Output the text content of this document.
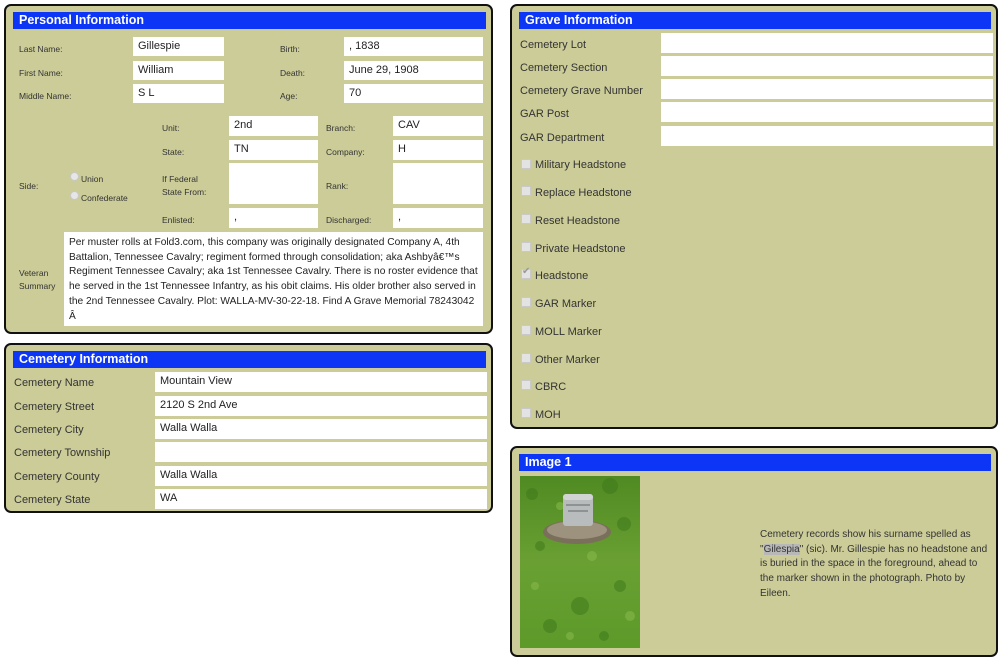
Personal Information
Last Name:	Gillespie
First Name:	William
Middle Name:	S L
Birth:	, 1838
Death:	June 29, 1908
Age:	70
Unit:	2nd	Branch:	CAV
State:	TN	Company:	H
Side:
Union
Confederate
If Federal
State From:
Rank:
Enlisted:	,	Discharged:	,
Veteran
Summary
Per muster rolls at Fold3.com, this company was originally designated Company A, 4th Battalion, Tennessee Cavalry; regiment formed through consolidation; aka Ashbyâ€™s Regiment Tennessee Cavalry; aka 1st Tennessee Cavalry. There is no roster evidence that he served in the 1st Tennessee Infantry, as his obit claims. His older brother also served in the 2nd Tennessee Cavalry. Plot: WALLA-MV-30-22-18. Find A Grave Memorial 78243042 Â
Cemetery Information
Cemetery Name	Mountain View
Cemetery Street	2120 S 2nd Ave
Cemetery City	Walla Walla
Cemetery Township
Cemetery County	Walla Walla
Cemetery State	WA
Grave Information
Cemetery Lot
Cemetery Section
Cemetery Grave Number
GAR Post
GAR Department
Military Headstone
Replace Headstone
Reset Headstone
Private Headstone
✔ Headstone
GAR Marker
MOLL Marker
Other Marker
CBRC
MOH
Image 1
Cemetery records show his surname spelled as "Gilespia" (sic). Mr. Gillespie has no headstone and is buried in the space in the foreground, ahead to the marker shown in the photograph. Photo by Eileen.
